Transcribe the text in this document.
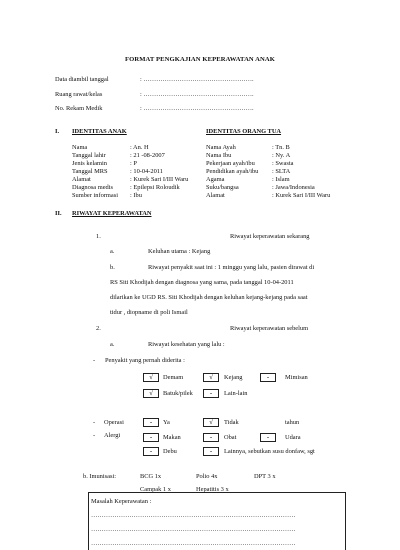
FORMAT PENGKAJIAN KEPERAWATAN ANAK
Data diambil tanggal	: …………………………………………….
Ruang rawat/kelas	: …………………………………………….
No. Rekam Medik	: …………………………………………….
I. IDENTITAS ANAK	IDENTITAS ORANG TUA
Nama	: An. H
Tanggal lahir	: 21 -08-2007
Jenis kelamin	: P
Tanggal MRS	: 10-04-2011
Alamat	: Kurek Sari I/III Waru
Diagnosa medis	: Epilepsi Roloudik
Sumber informasi : Ibu
Nama Ayah	: Tn. B
Nama Ibu	: Ny. A
Pekerjaan ayah/ibu	: Swasta
Pendidikan ayah/ibu : SLTA
Agama	: Islam
Suku/bangsa	: Jawa/Indonesia
Alamat	: Kurek Sari I/III Waru
II. RIWAYAT KEPERAWATAN
1.	Riwayat keperawatan sekarang
a.	Keluhan utama : Kejang
b.	Riwayat penyakit saat ini : 1 minggu yang lalu, pasien dirawat di
RS Siti Khodijah dengan diagnosa yang sama, pada tanggal 10-04-2011
dilarikan ke UGD RS. Siti Khodijah dengan keluhan kejang-kejang pada saat
tidur , diopname di poli Ismail
2.	Riwayat keperawatan sebelum
a.	Riwayat kesehatan yang lalu :
- Penyakit yang pernah diderita :
√	Demam	√	Kejang	-	Mimisan
√	Batuk/pilek	-	Lain-lain
- Operasi	-	Ya	√	Tidak	tahun
- Alergi	-	Makan	-	Obat	-	Udara
-	Debu	-	Lainnya, sebutkan susu donfaw, sgt
b. Imunisasi:	BCG 1x	Polio 4x	DPT 3 x
Campak 1 x	Hepatitis 3 x
Masalah Keperawatan :
……………………………………………………………………………………
……………………………………………………………………………………
……………………………………………………………………………………
